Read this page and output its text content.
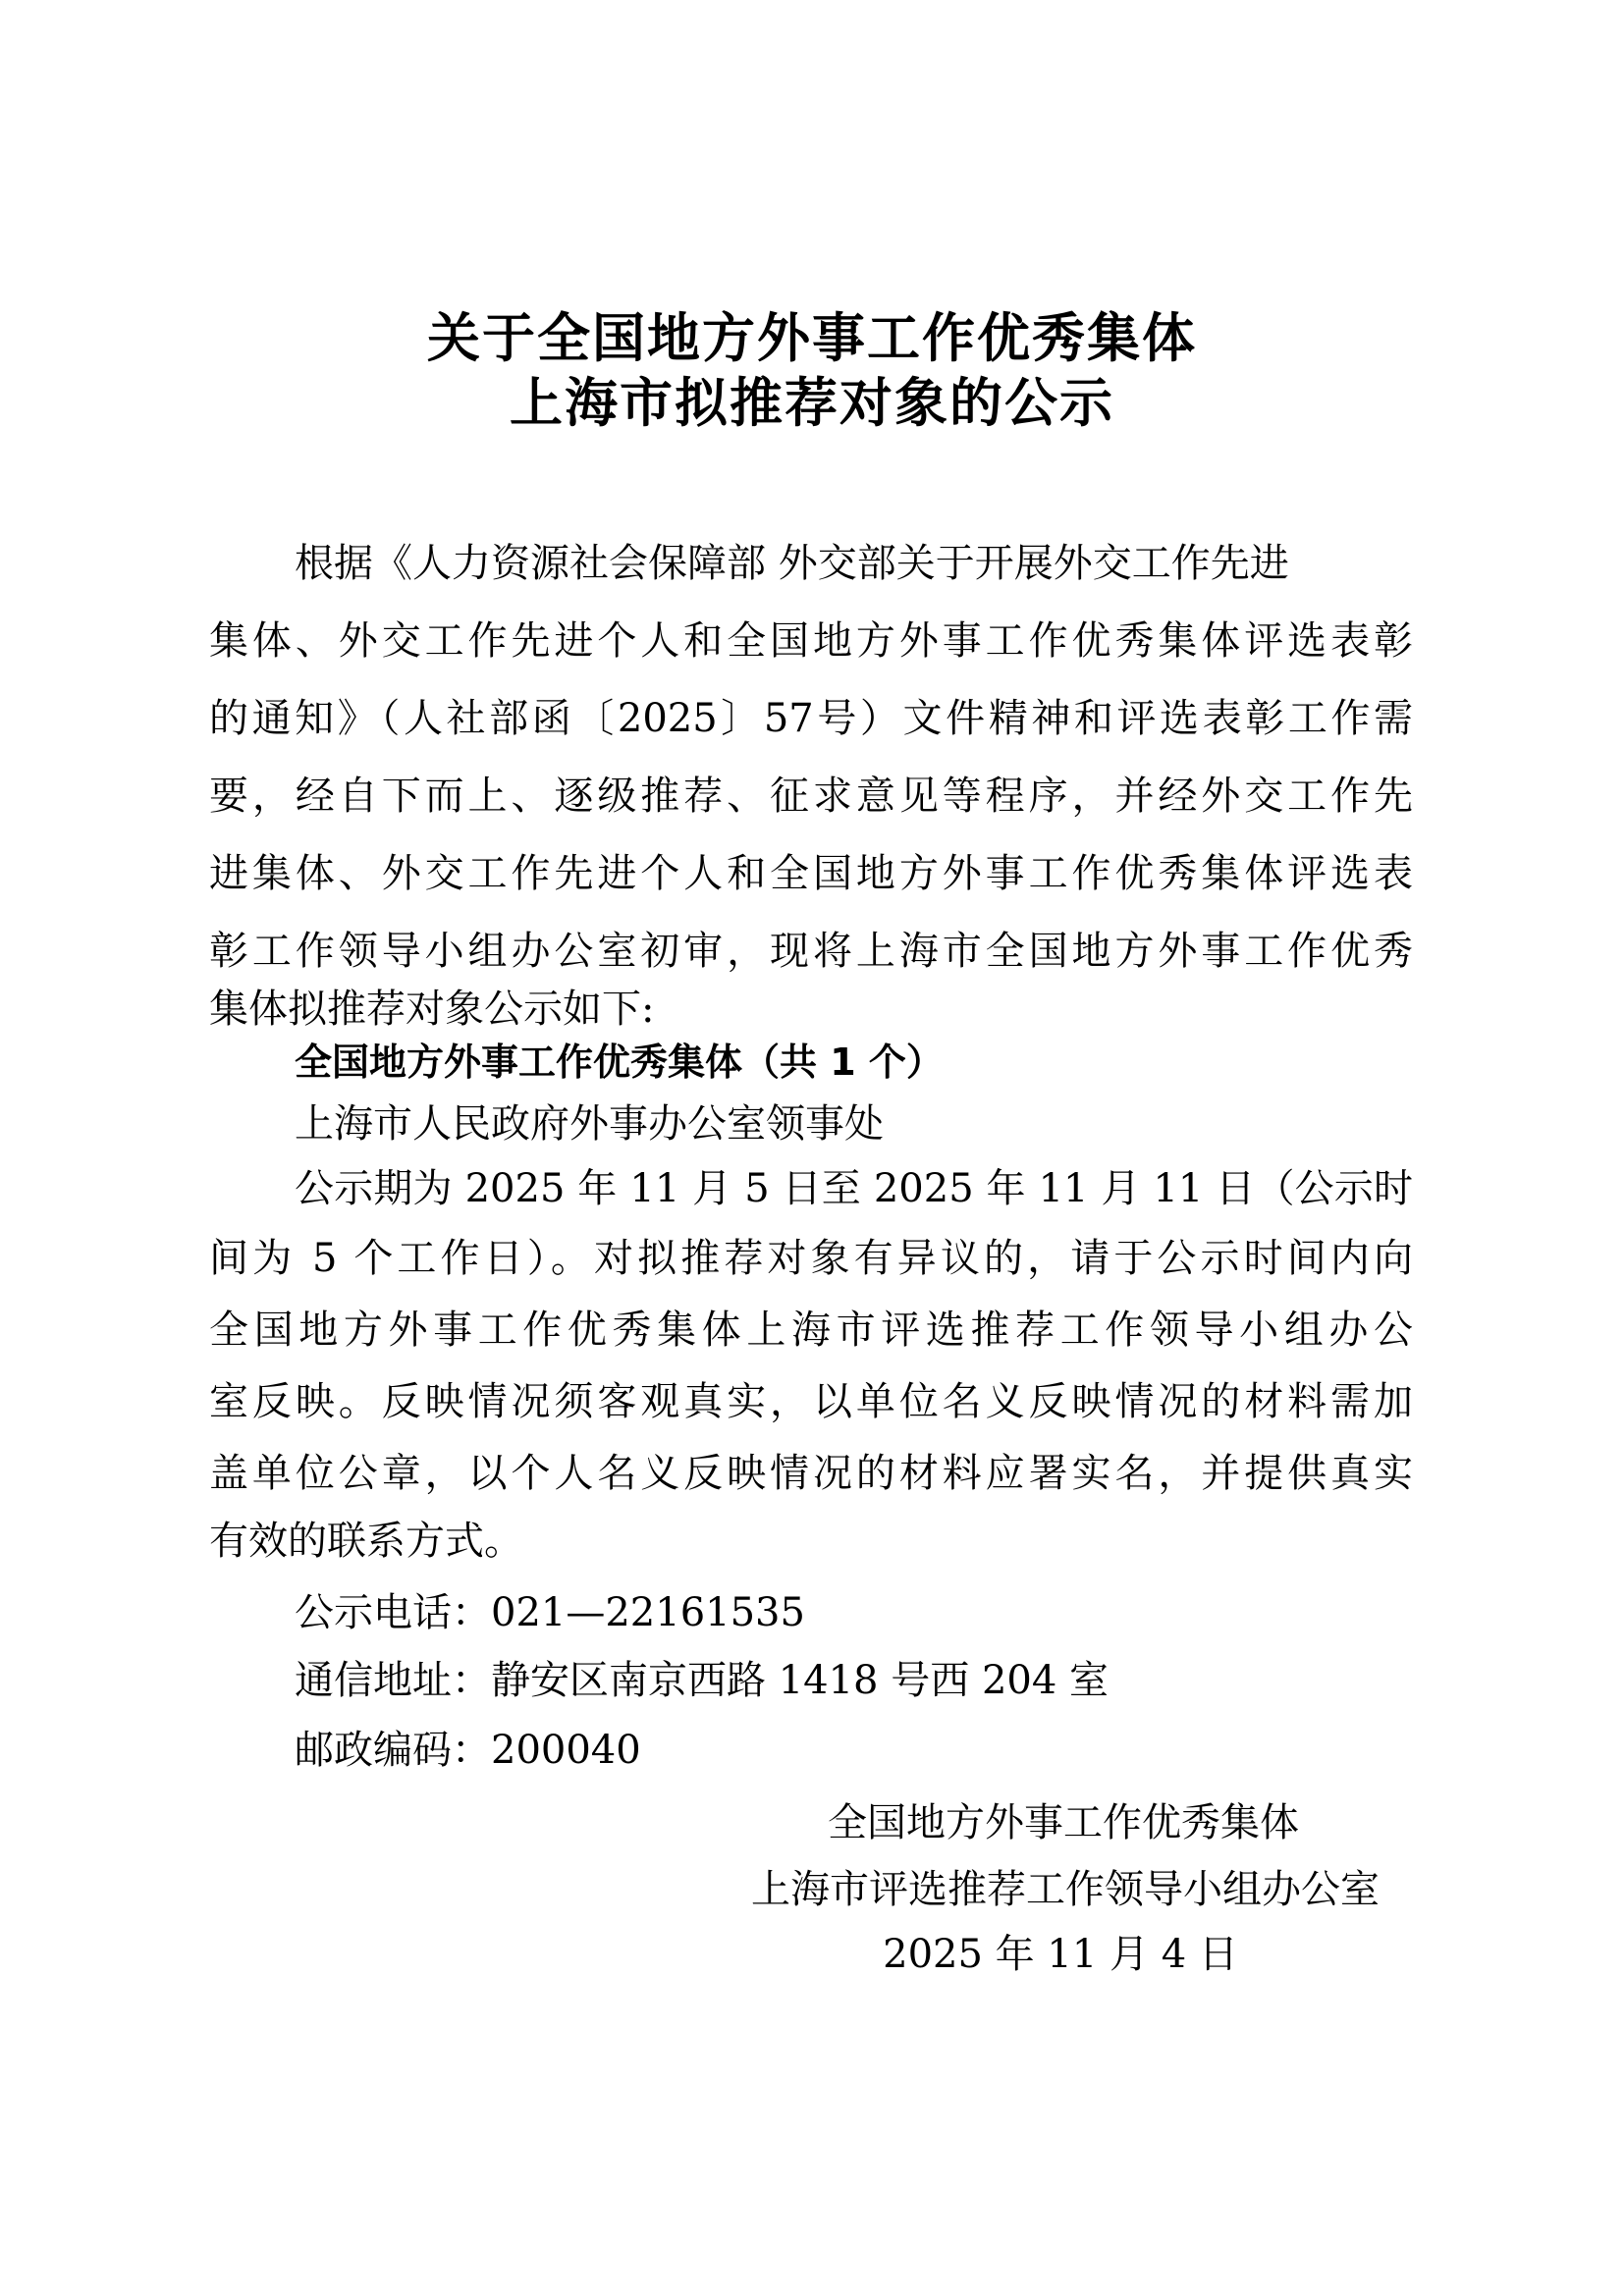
关于全国地方外事工作优秀集体
上海市拟推荐对象的公示
根据《人力资源社会保障部 外交部关于开展外交工作先进
集体、外交工作先进个人和全国地方外事工作优秀集体评选表彰
的通知》（人社部函〔2025〕57号）文件精神和评选表彰工作需
要，经自下而上、逐级推荐、征求意见等程序，并经外交工作先
进集体、外交工作先进个人和全国地方外事工作优秀集体评选表
彰工作领导小组办公室初审，现将上海市全国地方外事工作优秀
集体拟推荐对象公示如下:
全国地方外事工作优秀集体（共 1 个）
上海市人民政府外事办公室领事处
公示期为 2025 年 11 月 5 日至 2025 年 11 月 11 日（公示时
间为 5 个工作日）。对拟推荐对象有异议的，请于公示时间内向
全国地方外事工作优秀集体上海市评选推荐工作领导小组办公
室反映。反映情况须客观真实，以单位名义反映情况的材料需加
盖单位公章，以个人名义反映情况的材料应署实名，并提供真实
有效的联系方式。
公示电话：021—22161535
通信地址：静安区南京西路 1418 号西 204 室
邮政编码：200040
全国地方外事工作优秀集体
上海市评选推荐工作领导小组办公室
2025 年 11 月 4 日
